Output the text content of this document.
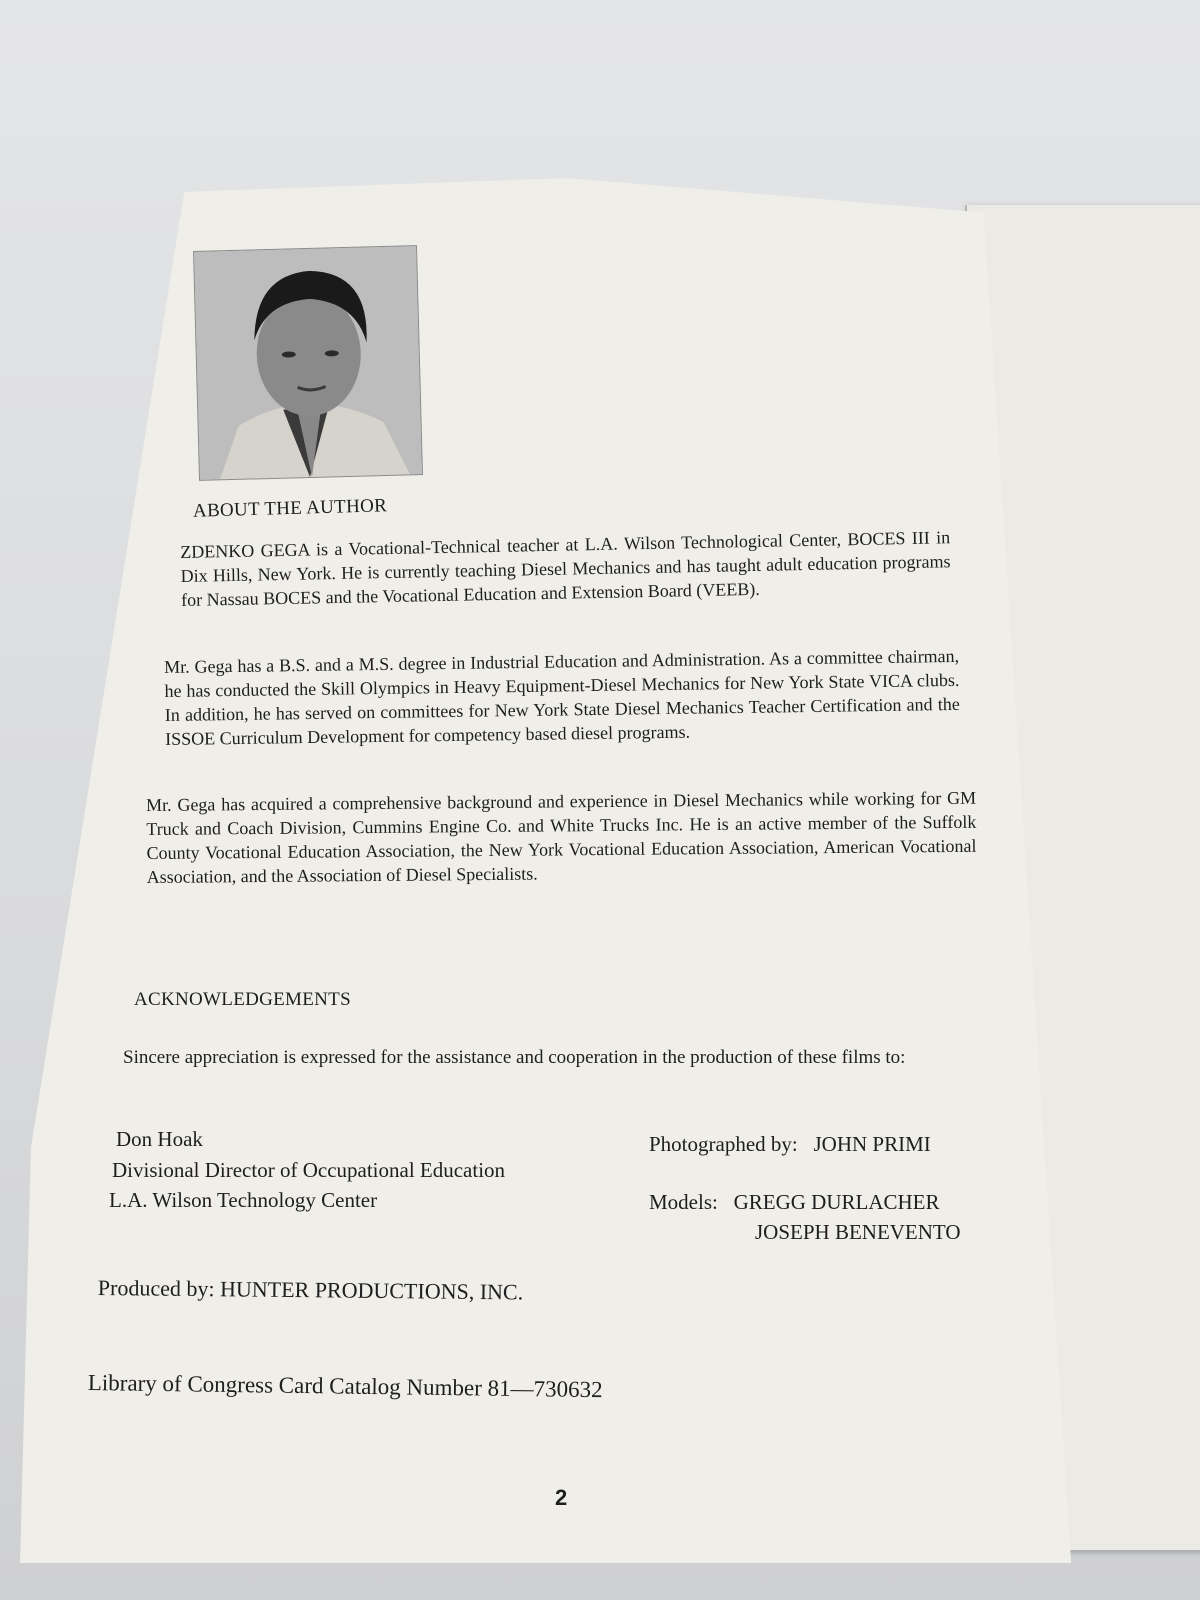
ABOUT THE AUTHOR

ZDENKO GEGA is a Vocational-Technical teacher at L.A. Wilson Technological Center, BOCES III in Dix Hills, New York. He is currently teaching Diesel Mechanics and has taught adult education programs for Nassau BOCES and the Vocational Education and Extension Board (VEEB).

Mr. Gega has a B.S. and a M.S. degree in Industrial Education and Administration. As a committee chairman, he has conducted the Skill Olympics in Heavy Equipment-Diesel Mechanics for New York State VICA clubs. In addition, he has served on committees for New York State Diesel Mechanics Teacher Certification and the ISSOE Curriculum Development for competency based diesel programs.

Mr. Gega has acquired a comprehensive background and experience in Diesel Mechanics while working for GM Truck and Coach Division, Cummins Engine Co. and White Trucks Inc. He is an active member of the Suffolk County Vocational Education Association, the New York Vocational Education Association, American Vocational Association, and the Association of Diesel Specialists.

ACKNOWLEDGEMENTS

Sincere appreciation is expressed for the assistance and cooperation in the production of these films to:

Don Hoak
Divisional Director of Occupational Education
L.A. Wilson Technology Center
Photographed by:   JOHN PRIMI
Models:   GREGG DURLACHER
JOSEPH BENEVENTO
Produced by: HUNTER PRODUCTIONS, INC.
Library of Congress Card Catalog Number 81—730632
2
